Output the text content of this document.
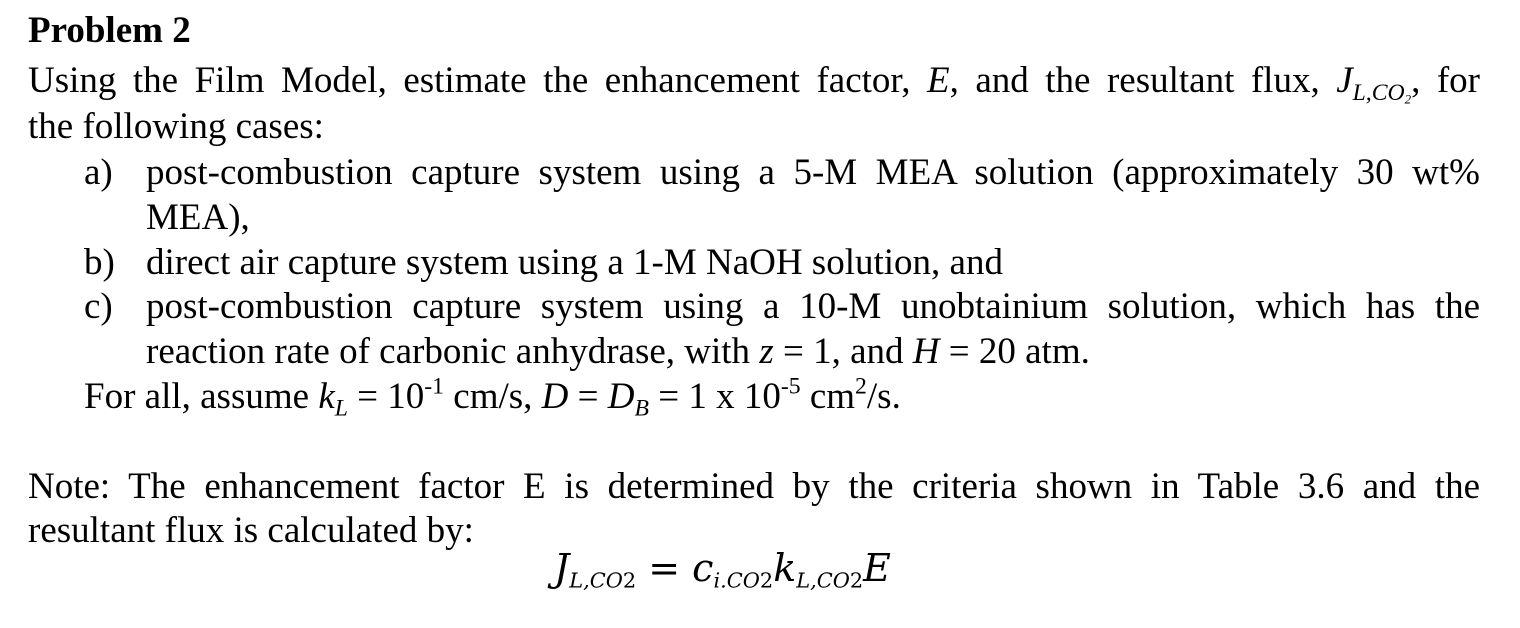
Problem 2
Using the Film Model, estimate the enhancement factor, E, and the resultant flux, $J_{L,CO2}$, for
the following cases:
a) post-combustion capture system using a 5-M MEA solution (approximately 30 wt%
MEA),
b) direct air capture system using a 1-M NaOH solution, and
c) post-combustion capture system using a 10-M unobtainium solution, which has the
reaction rate of carbonic anhydrase, with z = 1, and H = 20 atm.
For all, assume $k_L = 10^{-1}$ cm/s, $D = D_B = 1$ x $10^{-5}$ $cm^2/s$.
Note: The enhancement factor E is determined by the criteria shown in Table 3.6 and the
resultant flux is calculated by:
$J_{L,CO2} = c_{i.CO2}k_{L,CO2}E$
